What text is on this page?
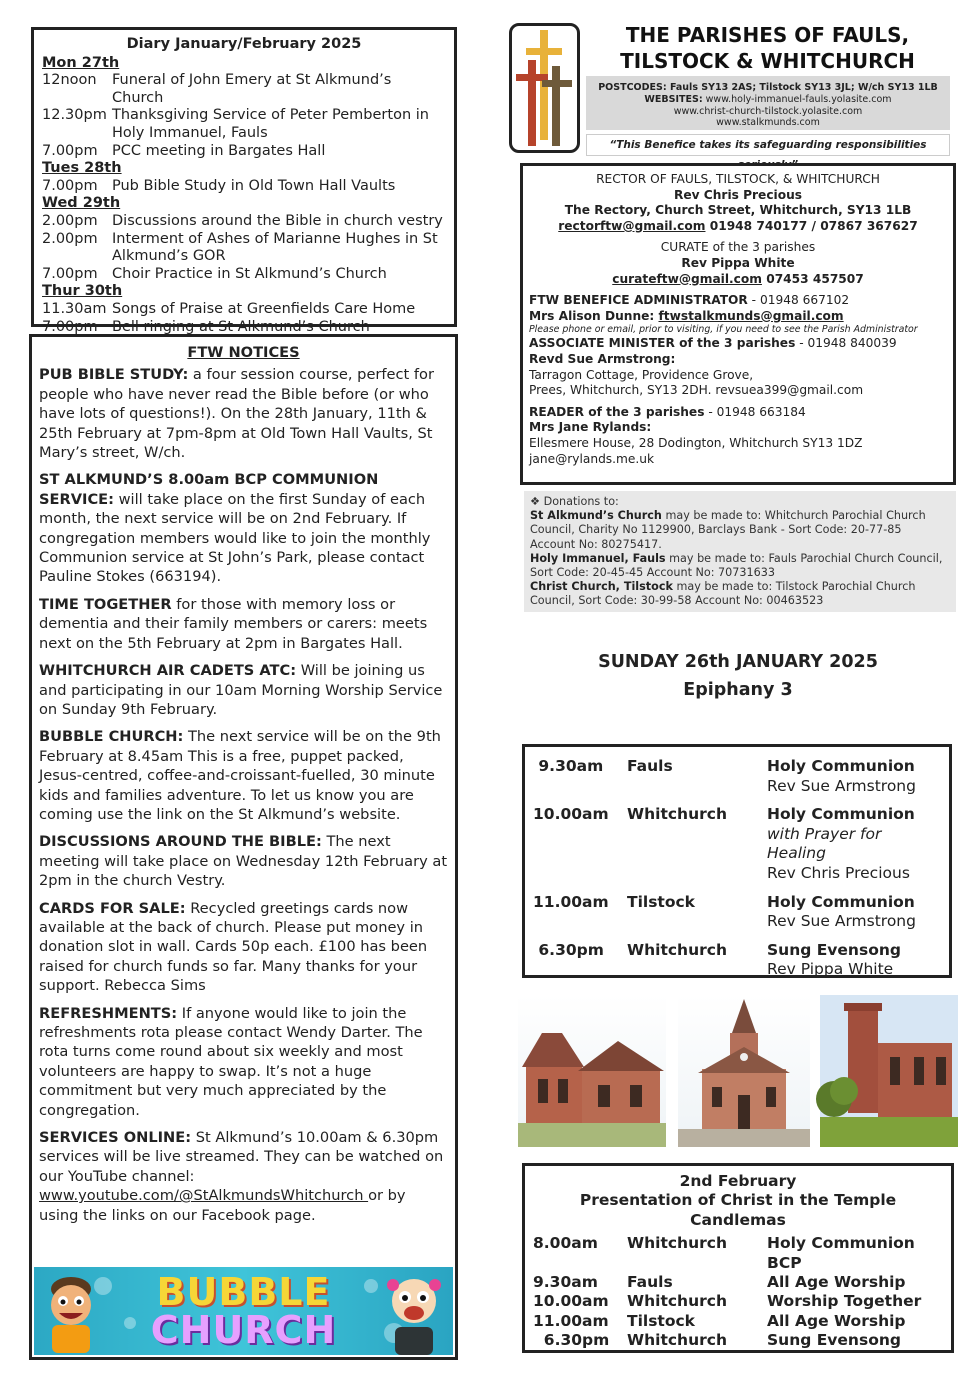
Diary January/February 2025
Mon 27th
12noon	Funeral of John Emery at St Alkmund’s Church
12.30pm Thanksgiving Service of Peter Pemberton in Holy Immanuel, Fauls
7.00pm PCC meeting in Bargates Hall
Tues 28th
7.00pm Pub Bible Study in Old Town Hall Vaults
Wed 29th
2.00pm Discussions around the Bible in church vestry
2.00pm Interment of Ashes of Marianne Hughes in St Alkmund’s GOR
7.00pm Choir Practice in St Alkmund’s Church
Thur 30th
11.30am Songs of Praise at Greenfields Care Home
7.00pm Bell ringing at St Alkmund’s Church
FTW NOTICES

PUB BIBLE STUDY: a four session course, perfect for people who have never read the Bible before (or who have lots of questions!). On the 28th January, 11th & 25th February at 7pm-8pm at Old Town Hall Vaults, St Mary’s street, W/ch.

ST ALKMUND’S 8.00am BCP COMMUNION SERVICE: will take place on the first Sunday of each month, the next service will be on 2nd February. If congregation members would like to join the monthly Communion service at St John’s Park, please contact Pauline Stokes (663194).

TIME TOGETHER for those with memory loss or dementia and their family members or carers: meets next on the 5th February at 2pm in Bargates Hall.

WHITCHURCH AIR CADETS ATC: Will be joining us and participating in our 10am Morning Worship Service on Sunday 9th February.

BUBBLE CHURCH: The next service will be on the 9th February at 8.45am This is a free, puppet packed, Jesus-centred, coffee-and-croissant-fuelled, 30 minute kids and families adventure. To let us know you are coming use the link on the St Alkmund’s website.

DISCUSSIONS AROUND THE BIBLE: The next meeting will take place on Wednesday 12th February at 2pm in the church Vestry.

CARDS FOR SALE: Recycled greetings cards now available at the back of church. Please put money in donation slot in wall. Cards 50p each. £100 has been raised for church funds so far. Many thanks for your support. Rebecca Sims

REFRESHMENTS: If anyone would like to join the refreshments rota please contact Wendy Darter. The rota turns come round about six weekly and most volunteers are happy to swap. It’s not a huge commitment but very much appreciated by the congregation.

SERVICES ONLINE: St Alkmund’s 10.00am & 6.30pm services will be live streamed. They can be watched on our YouTube channel:
www.youtube.com/@StAlkmundsWhitchurch or by using the links on our Facebook page.

BUBBLE
CHURCH
THE PARISHES OF FAULS,
TILSTOCK & WHITCHURCH
POSTCODES: Fauls SY13 2AS; Tilstock SY13 3JL; W/ch SY13 1LB
WEBSITES: www.holy-immanuel-fauls.yolasite.com
www.christ-church-tilstock.yolasite.com
www.stalkmunds.com
“This Benefice takes its safeguarding responsibilities
RECTOR OF FAULS, TILSTOCK, & WHITCHURCH
Rev Chris Precious
The Rectory, Church Street, Whitchurch, SY13 1LB
rectorftw@gmail.com 01948 740177 / 07867 367627
CURATE of the 3 parishes
Rev Pippa White
curateftw@gmail.com 07453 457507
FTW BENEFICE ADMINISTRATOR - 01948 667102
Mrs Alison Dunne: ftwstalkmunds@gmail.com
Please phone or email, prior to visiting, if you need to see the Parish Administrator
ASSOCIATE MINISTER of the 3 parishes - 01948 840039
Revd Sue Armstrong:
Tarragon Cottage, Providence Grove,
Prees, Whitchurch, SY13 2DH. revsuea399@gmail.com
READER of the 3 parishes - 01948 663184
Mrs Jane Rylands:
Ellesmere House, 28 Dodington, Whitchurch SY13 1DZ
jane@rylands.me.uk
❖ Donations to:
St Alkmund’s Church may be made to: Whitchurch Parochial Church Council, Charity No 1129900, Barclays Bank - Sort Code: 20-77-85 Account No: 80275417.
Holy Immanuel, Fauls may be made to: Fauls Parochial Church Council, Sort Code: 20-45-45 Account No: 70731633
Christ Church, Tilstock may be made to: Tilstock Parochial Church Council, Sort Code: 30-99-58 Account No: 00463523
SUNDAY 26th JANUARY 2025
Epiphany 3
9.30am	Fauls	Holy Communion
Rev Sue Armstrong
10.00am	Whitchurch	Holy Communion
with Prayer for Healing
Rev Chris Precious
11.00am	Tilstock	Holy Communion
Rev Sue Armstrong
6.30pm	Whitchurch	Sung Evensong
Rev Pippa White
2nd February
Presentation of Christ in the Temple
Candlemas
8.00am	Whitchurch	Holy Communion BCP
9.30am	Fauls	All Age Worship
10.00am	Whitchurch	Worship Together
11.00am	Tilstock	All Age Worship
6.30pm	Whitchurch	Sung Evensong
